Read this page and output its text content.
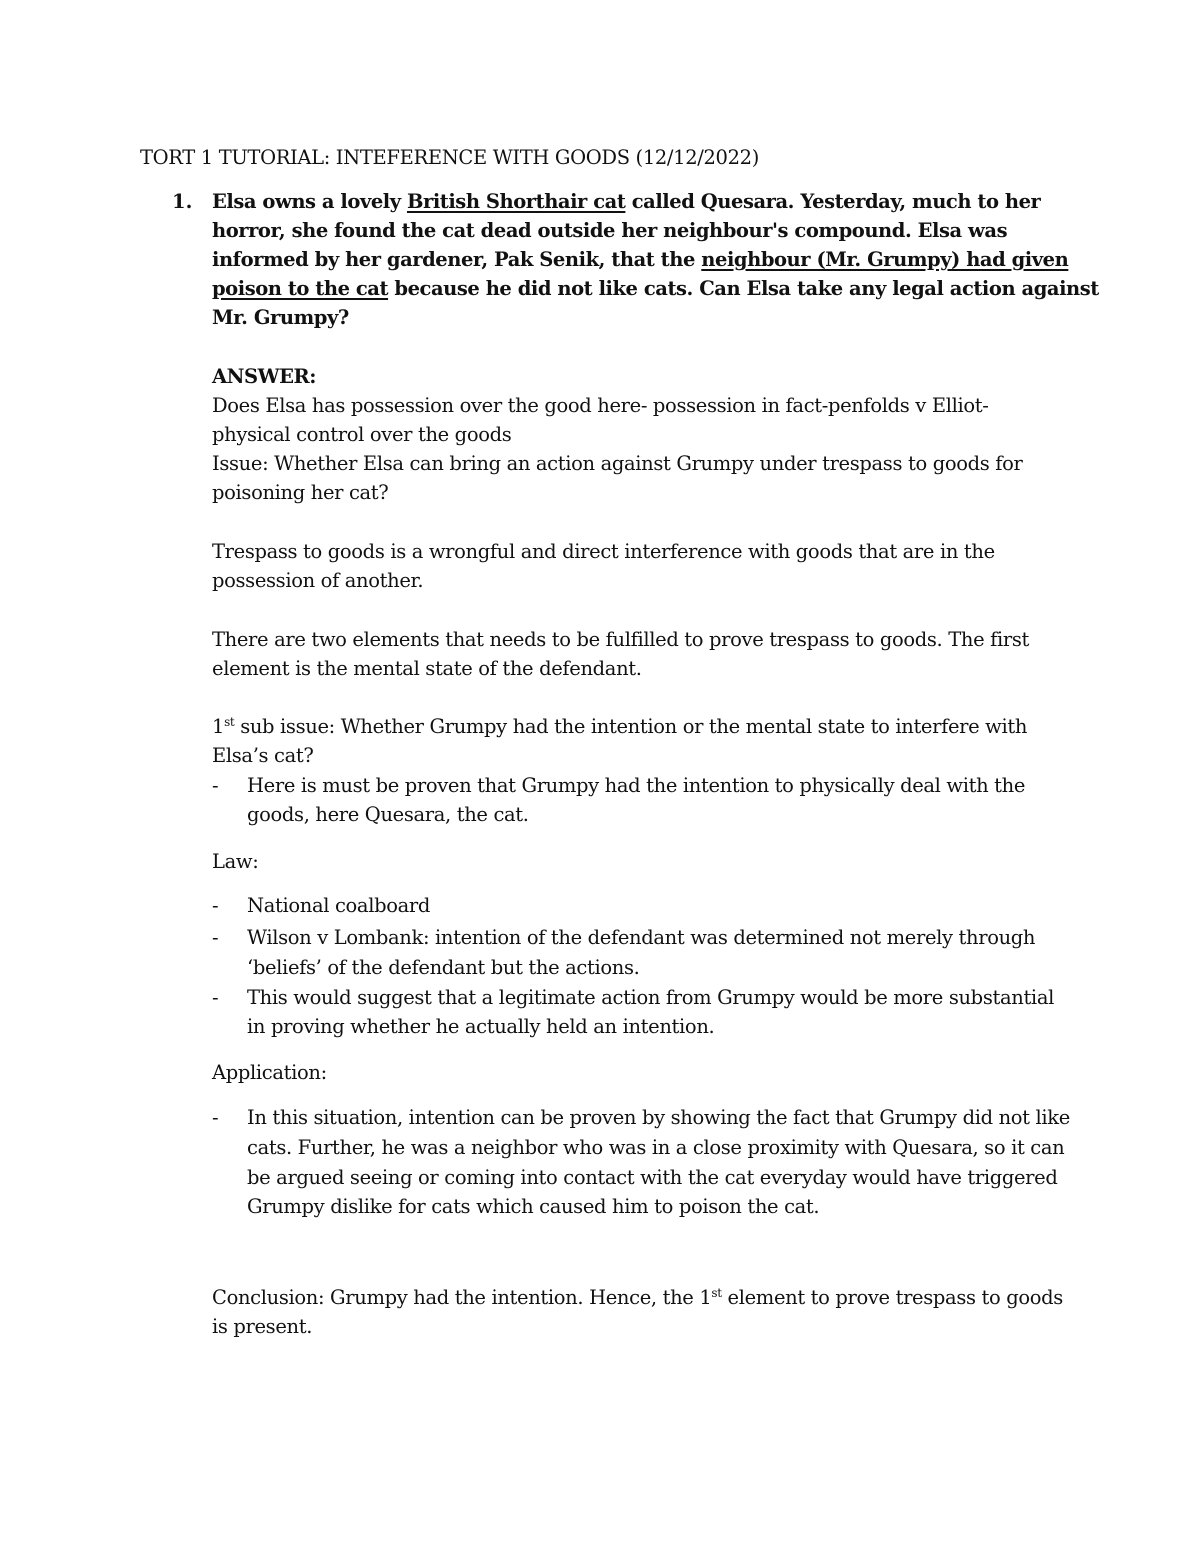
TORT 1 TUTORIAL: INTEFERENCE WITH GOODS (12/12/2022)
1. Elsa owns a lovely British Shorthair cat called Quesara. Yesterday, much to her
horror, she found the cat dead outside her neighbour's compound. Elsa was
informed by her gardener, Pak Senik, that the neighbour (Mr. Grumpy) had given
poison to the cat because he did not like cats. Can Elsa take any legal action against
Mr. Grumpy?
ANSWER:
Does Elsa has possession over the good here- possession in fact-penfolds v Elliot-
physical control over the goods
Issue: Whether Elsa can bring an action against Grumpy under trespass to goods for
poisoning her cat?
Trespass to goods is a wrongful and direct interference with goods that are in the
possession of another.
There are two elements that needs to be fulfilled to prove trespass to goods. The first
element is the mental state of the defendant.
1st sub issue: Whether Grumpy had the intention or the mental state to interfere with
Elsa’s cat?
- Here is must be proven that Grumpy had the intention to physically deal with the
goods, here Quesara, the cat.
Law:
- National coalboard
- Wilson v Lombank: intention of the defendant was determined not merely through
‘beliefs’ of the defendant but the actions.
- This would suggest that a legitimate action from Grumpy would be more substantial
in proving whether he actually held an intention.
Application:
- In this situation, intention can be proven by showing the fact that Grumpy did not like
cats. Further, he was a neighbor who was in a close proximity with Quesara, so it can
be argued seeing or coming into contact with the cat everyday would have triggered
Grumpy dislike for cats which caused him to poison the cat.
Conclusion: Grumpy had the intention. Hence, the 1st element to prove trespass to goods
is present.
